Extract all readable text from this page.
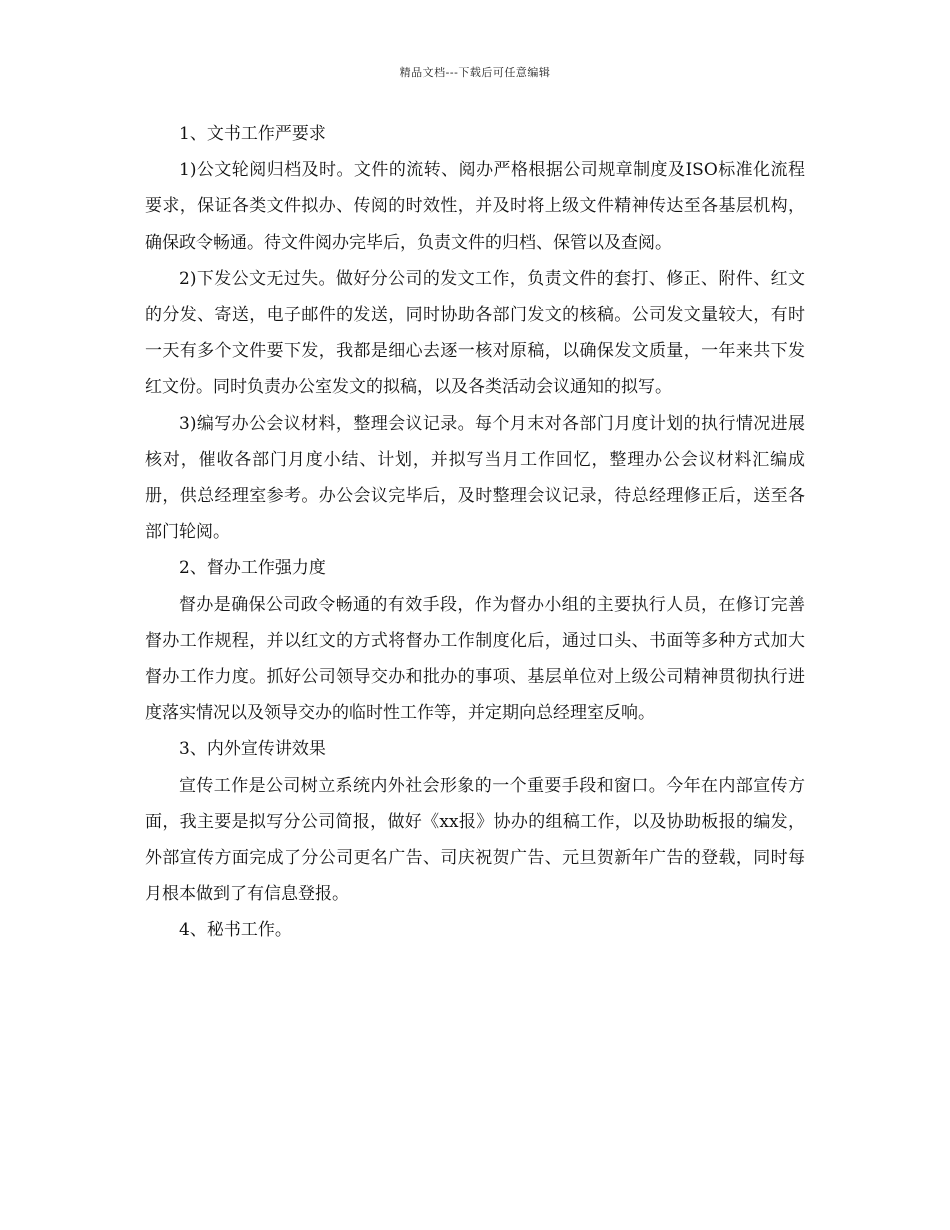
精品文档---下载后可任意编辑

1、文书工作严要求

1)公文轮阅归档及时。文件的流转、阅办严格根据公司规章制度及ISO标准化流程要求，保证各类文件拟办、传阅的时效性，并及时将上级文件精神传达至各基层机构，确保政令畅通。待文件阅办完毕后，负责文件的归档、保管以及查阅。

2)下发公文无过失。做好分公司的发文工作，负责文件的套打、修正、附件、红文的分发、寄送，电子邮件的发送，同时协助各部门发文的核稿。公司发文量较大，有时一天有多个文件要下发，我都是细心去逐一核对原稿，以确保发文质量，一年来共下发红文份。同时负责办公室发文的拟稿，以及各类活动会议通知的拟写。

3)编写办公会议材料，整理会议记录。每个月末对各部门月度计划的执行情况进展核对，催收各部门月度小结、计划，并拟写当月工作回忆，整理办公会议材料汇编成册，供总经理室参考。办公会议完毕后，及时整理会议记录，待总经理修正后，送至各部门轮阅。

2、督办工作强力度

督办是确保公司政令畅通的有效手段，作为督办小组的主要执行人员，在修订完善督办工作规程，并以红文的方式将督办工作制度化后，通过口头、书面等多种方式加大督办工作力度。抓好公司领导交办和批办的事项、基层单位对上级公司精神贯彻执行进度落实情况以及领导交办的临时性工作等，并定期向总经理室反响。

3、内外宣传讲效果

宣传工作是公司树立系统内外社会形象的一个重要手段和窗口。今年在内部宣传方面，我主要是拟写分公司简报，做好《xx报》协办的组稿工作，以及协助板报的编发，外部宣传方面完成了分公司更名广告、司庆祝贺广告、元旦贺新年广告的登载，同时每月根本做到了有信息登报。

4、秘书工作。
